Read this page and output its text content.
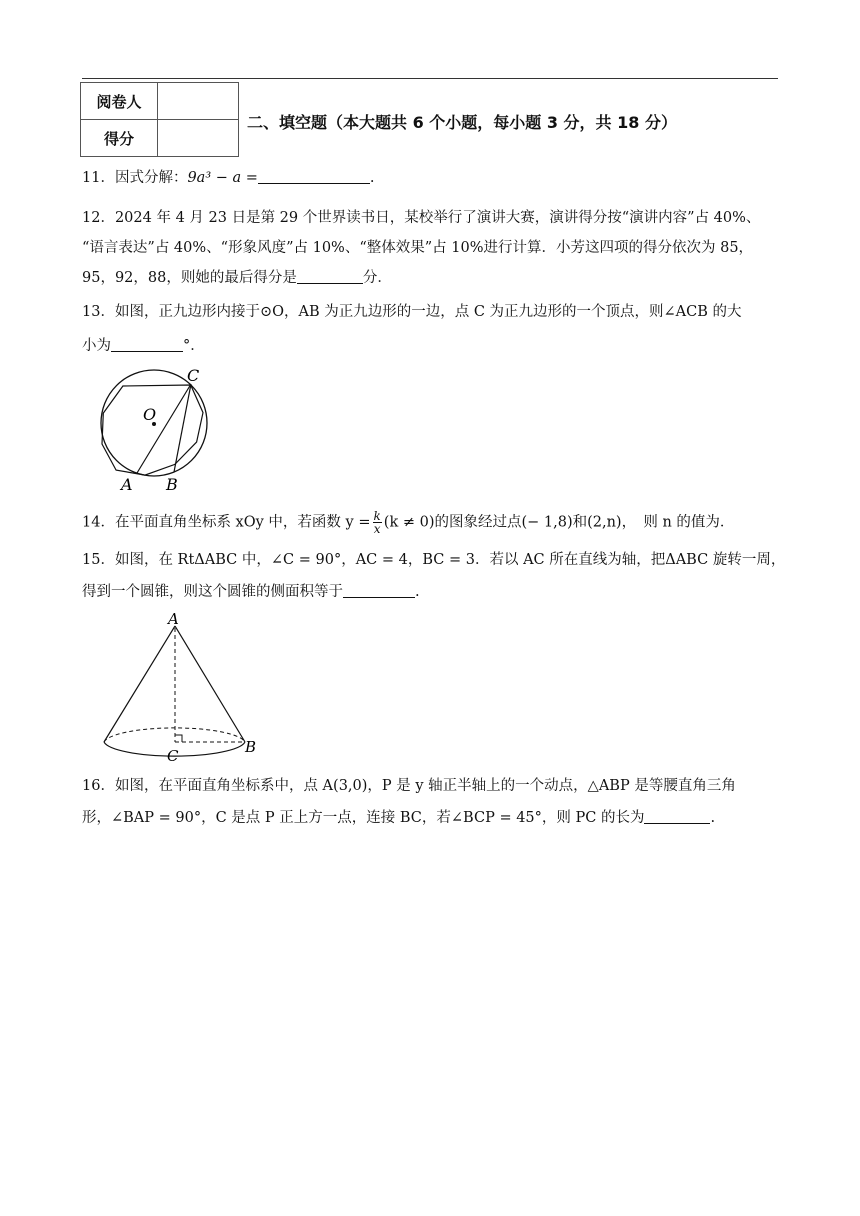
阅卷人	
得分	
二、填空题（本大题共 6 个小题，每小题 3 分，共 18 分）
11．因式分解：9a³ − a =	.
12．2024 年 4 月 23 日是第 29 个世界读书日，某校举行了演讲大赛，演讲得分按“演讲内容”占 40%、
“语言表达”占 40%、“形象风度”占 10%、“整体效果”占 10%进行计算．小芳这四项的得分依次为 85，
95，92，88，则她的最后得分是	分．
13．如图，正九边形内接于⊙O，AB 为正九边形的一边，点 C 为正九边形的一个顶点，则∠ACB 的大
小为	°．
O
C
A B
14．在平面直角坐标系 xOy 中，若函数 $y = \frac{k}{x} (k \ne 0)$的图象经过点(− 1,8)和(2,n)，　则 n 的值为．
15．如图，在 RtΔABC 中，∠C = 90°，AC = 4，BC = 3．若以 AC 所在直线为轴，把ΔABC 旋转一周，
得到一个圆锥，则这个圆锥的侧面积等于	.
A
B
C
16．如图，在平面直角坐标系中，点 A(3,0)，P 是 y 轴正半轴上的一个动点，△ABP 是等腰直角三角
形，∠BAP = 90°，C 是点 P 正上方一点，连接 BC，若∠BCP = 45°，则 PC 的长为	.
